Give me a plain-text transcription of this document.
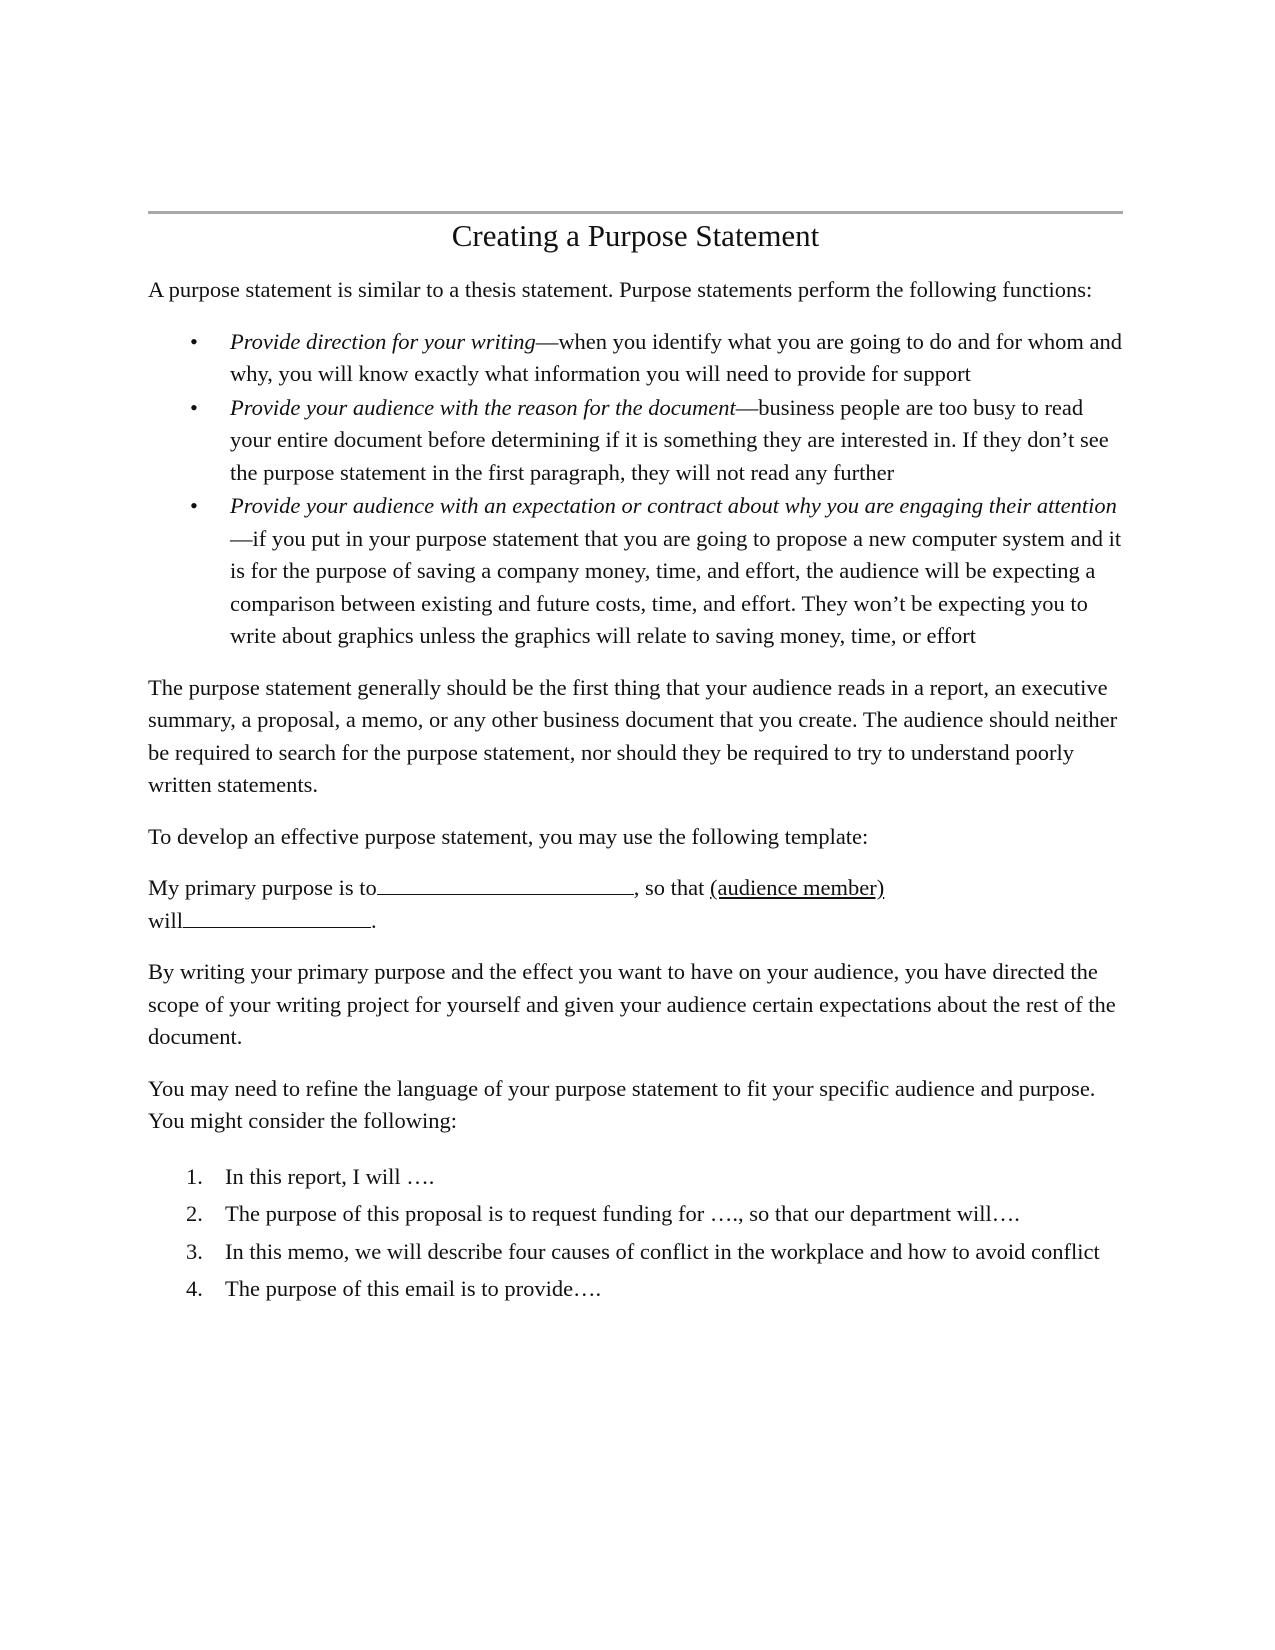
Creating a Purpose Statement

A purpose statement is similar to a thesis statement. Purpose statements perform the following functions:

• Provide direction for your writing—when you identify what you are going to do and for whom and why, you will know exactly what information you will need to provide for support
• Provide your audience with the reason for the document—business people are too busy to read your entire document before determining if it is something they are interested in. If they don’t see the purpose statement in the first paragraph, they will not read any further
• Provide your audience with an expectation or contract about why you are engaging their attention—if you put in your purpose statement that you are going to propose a new computer system and it is for the purpose of saving a company money, time, and effort, the audience will be expecting a comparison between existing and future costs, time, and effort. They won’t be expecting you to write about graphics unless the graphics will relate to saving money, time, or effort

The purpose statement generally should be the first thing that your audience reads in a report, an executive summary, a proposal, a memo, or any other business document that you create. The audience should neither be required to search for the purpose statement, nor should they be required to try to understand poorly written statements.

To develop an effective purpose statement, you may use the following template:

My primary purpose is to	, so that (audience member)
will	.

By writing your primary purpose and the effect you want to have on your audience, you have directed the scope of your writing project for yourself and given your audience certain expectations about the rest of the document.

You may need to refine the language of your purpose statement to fit your specific audience and purpose. You might consider the following:

1. In this report, I will ….
2. The purpose of this proposal is to request funding for …., so that our department will….
3. In this memo, we will describe four causes of conflict in the workplace and how to avoid conflict
4. The purpose of this email is to provide….
